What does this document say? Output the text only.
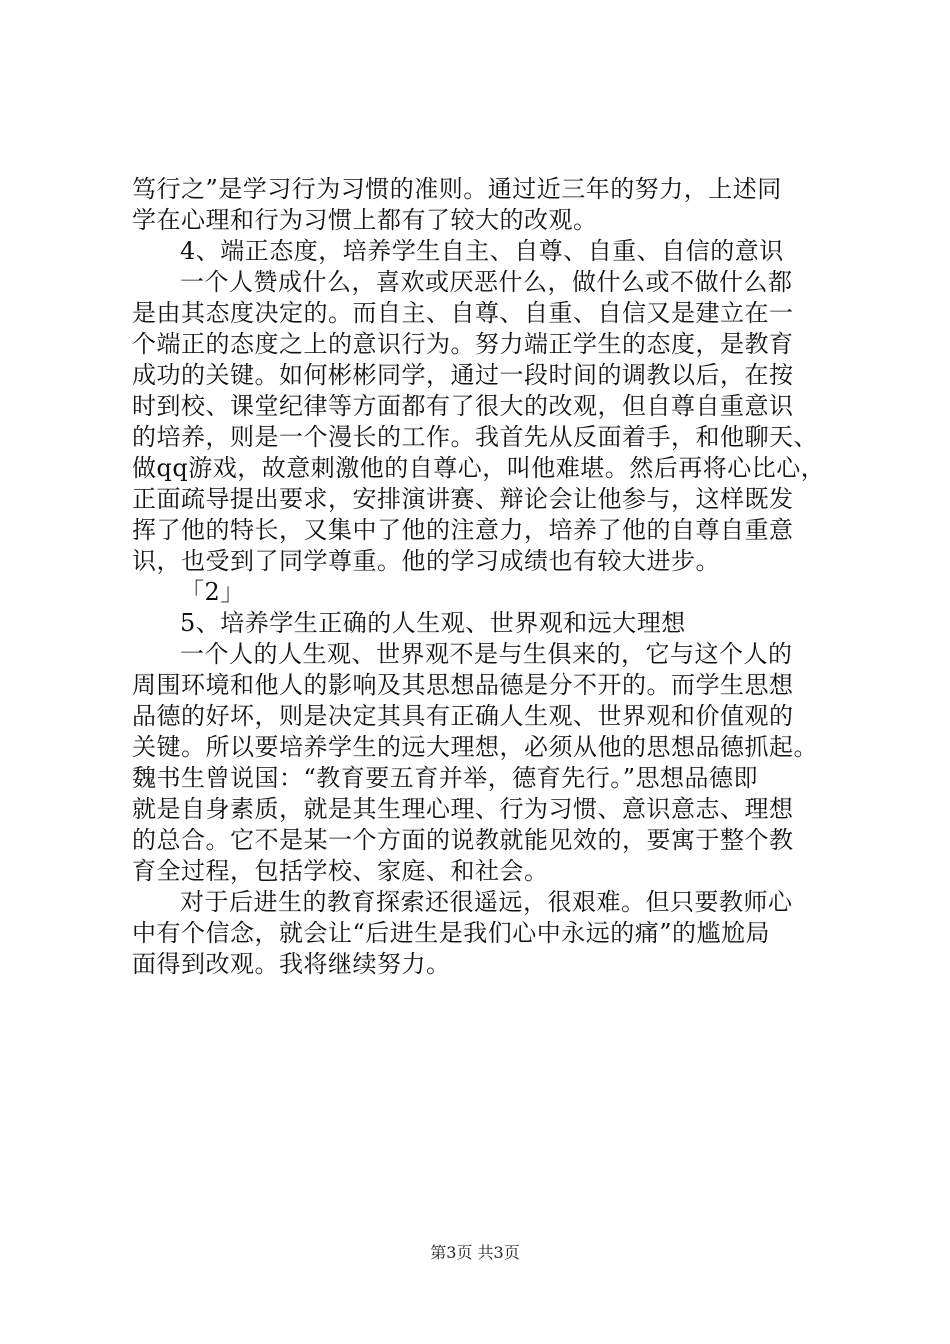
笃行之”是学习行为习惯的准则。通过近三年的努力，上述同
学在心理和行为习惯上都有了较大的改观。
4、端正态度，培养学生自主、自尊、自重、自信的意识
一个人赞成什么，喜欢或厌恶什么，做什么或不做什么都
是由其态度决定的。而自主、自尊、自重、自信又是建立在一
个端正的态度之上的意识行为。努力端正学生的态度，是教育
成功的关键。如何彬彬同学，通过一段时间的调教以后，在按
时到校、课堂纪律等方面都有了很大的改观，但自尊自重意识
的培养，则是一个漫长的工作。我首先从反面着手，和他聊天、
做qq游戏，故意刺激他的自尊心，叫他难堪。然后再将心比心，
正面疏导提出要求，安排演讲赛、辩论会让他参与，这样既发
挥了他的特长，又集中了他的注意力，培养了他的自尊自重意
识，也受到了同学尊重。他的学习成绩也有较大进步。
「2」
5、培养学生正确的人生观、世界观和远大理想
一个人的人生观、世界观不是与生俱来的，它与这个人的
周围环境和他人的影响及其思想品德是分不开的。而学生思想
品德的好坏，则是决定其具有正确人生观、世界观和价值观的
关键。所以要培养学生的远大理想，必须从他的思想品德抓起。
魏书生曾说国：“教育要五育并举，德育先行。”思想品德即
就是自身素质，就是其生理心理、行为习惯、意识意志、理想
的总合。它不是某一个方面的说教就能见效的，要寓于整个教
育全过程，包括学校、家庭、和社会。
对于后进生的教育探索还很遥远，很艰难。但只要教师心
中有个信念，就会让“后进生是我们心中永远的痛”的尴尬局
面得到改观。我将继续努力。
第3页 共3页
